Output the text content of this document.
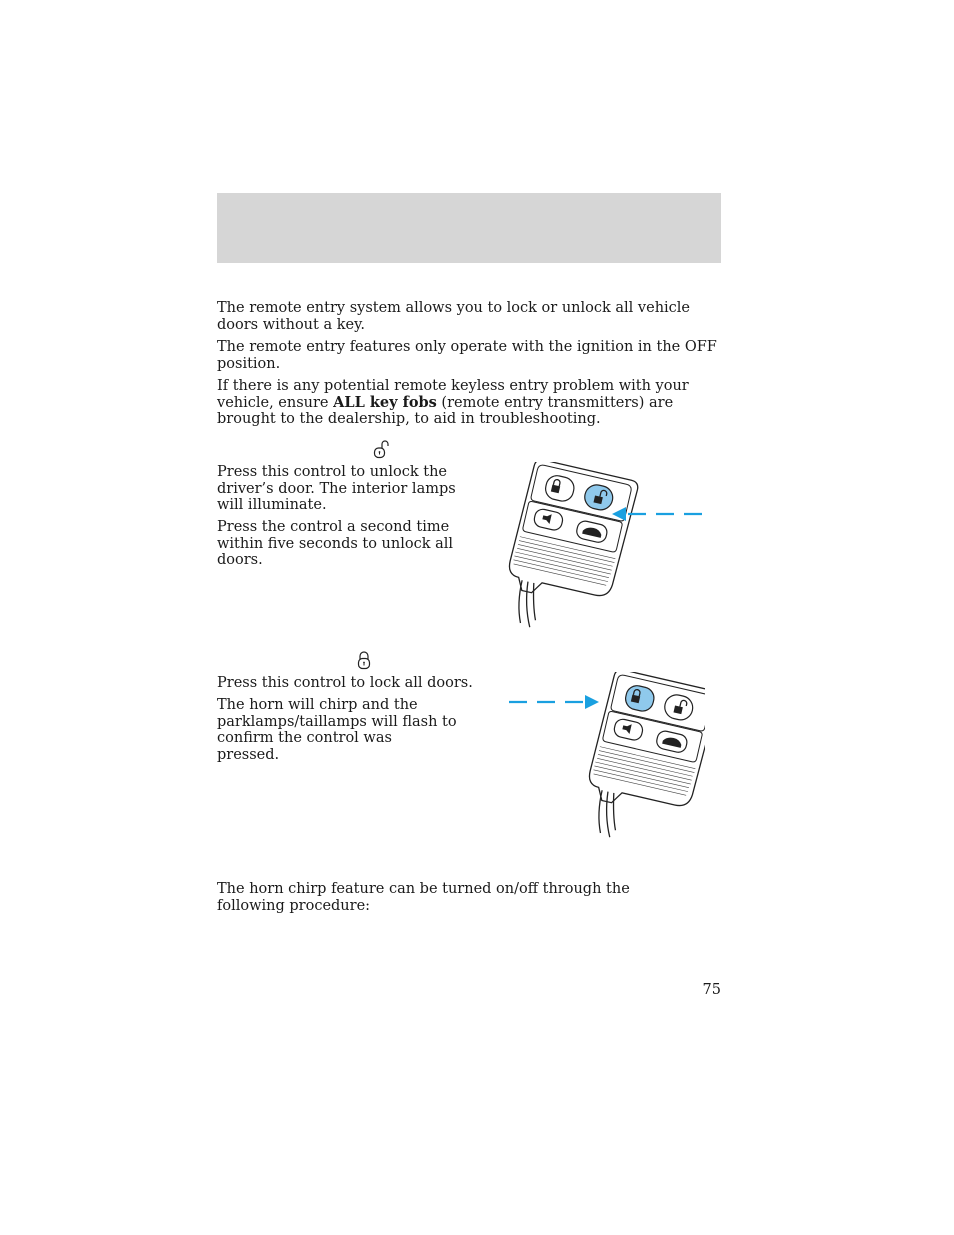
The remote entry system allows you to lock or unlock all vehicle doors without a key.

The remote entry features only operate with the ignition in the OFF position.

If there is any potential remote keyless entry problem with your vehicle, ensure ALL key fobs (remote entry transmitters) are brought to the dealership, to aid in troubleshooting.

Press this control to unlock the driver’s door. The interior lamps will illuminate.

Press the control a second time within five seconds to unlock all doors.

Press this control to lock all doors.

The horn will chirp and the parklamps/taillamps will flash to confirm the control was pressed.

The horn chirp feature can be turned on/off through the following procedure:

75
